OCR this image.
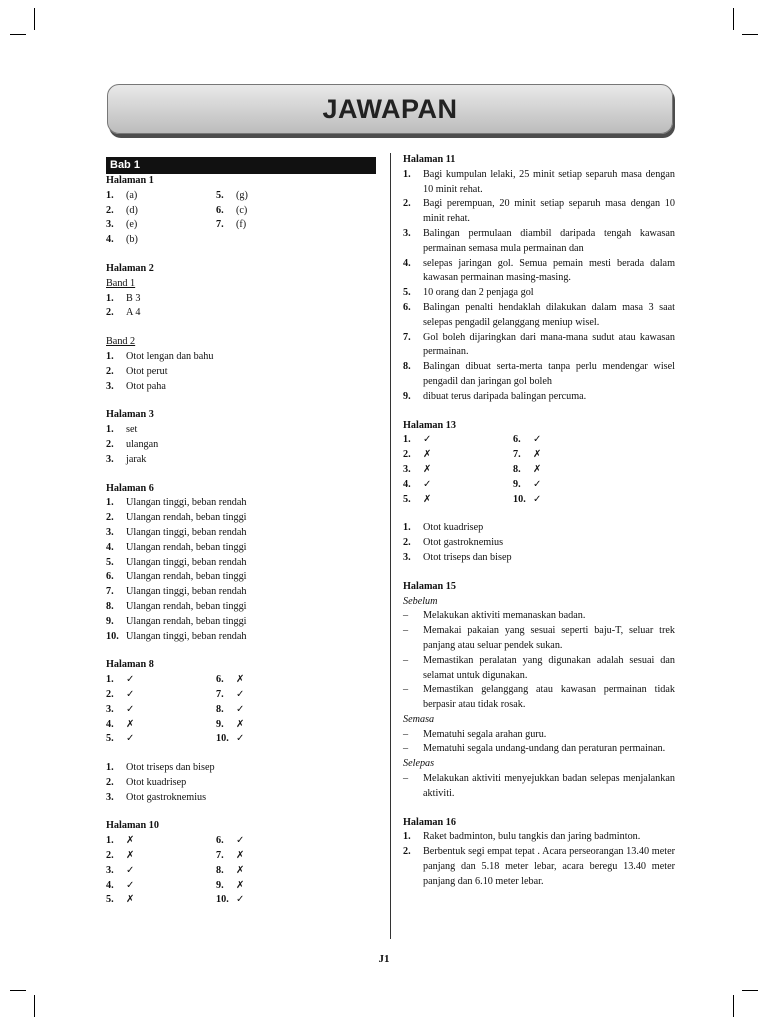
JAWAPAN
Bab 1
Halaman 1
1.	(a)	5.	(g)
2.	(d)	6.	(c)
3.	(e)	7.	(f)
4.	(b)
Halaman 2
Band 1
1.	B 3
2.	A 4
Band 2
1.	Otot lengan dan bahu
2.	Otot perut
3.	Otot paha
Halaman 3
1.	set
2.	ulangan
3.	jarak
Halaman 6
1.	Ulangan tinggi, beban rendah
2.	Ulangan rendah, beban tinggi
3.	Ulangan tinggi, beban rendah
4.	Ulangan rendah, beban tinggi
5.	Ulangan tinggi, beban rendah
6.	Ulangan rendah, beban tinggi
7.	Ulangan tinggi, beban rendah
8.	Ulangan rendah, beban tinggi
9.	Ulangan rendah, beban tinggi
10. Ulangan tinggi, beban rendah
Halaman 8
1.	✓	6.	✗
2.	✓	7.	✓
3.	✓	8.	✓
4.	✗	9.	✗
5.	✓	10. ✓
1.	Otot triseps dan bisep
2.	Otot kuadrisep
3.	Otot gastroknemius
Halaman 10
1.	✗	6.	✓
2.	✗	7.	✗
3.	✓	8.	✗
4.	✓	9.	✗
5.	✗	10. ✓
Halaman 11
1.	Bagi kumpulan lelaki, 25 minit setiap separuh masa dengan 10 minit rehat.
2.	Bagi perempuan, 20 minit setiap separuh masa dengan 10 minit rehat.
3.	Balingan permulaan diambil daripada tengah kawasan permainan semasa mula permainan dan
4.	selepas jaringan gol. Semua pemain mesti berada dalam kawasan permainan masing-masing.
5.	10 orang dan 2 penjaga gol
6.	Balingan penalti hendaklah dilakukan dalam masa 3 saat selepas pengadil gelanggang meniup wisel.
7.	Gol boleh dijaringkan dari mana-mana sudut atau kawasan permainan.
8.	Balingan dibuat serta-merta tanpa perlu mendengar wisel pengadil dan jaringan gol boleh
9.	dibuat terus daripada balingan percuma.
Halaman 13
1.	✓	6.	✓
2.	✗	7.	✗
3.	✗	8.	✗
4.	✓	9.	✓
5.	✗	10. ✓
1.	Otot kuadrisep
2.	Otot gastroknemius
3.	Otot triseps dan bisep
Halaman 15
Sebelum
–	Melakukan aktiviti memanaskan badan.
–	Memakai pakaian yang sesuai seperti baju-T, seluar trek panjang atau seluar pendek sukan.
–	Memastikan peralatan yang digunakan adalah sesuai dan selamat untuk digunakan.
–	Memastikan gelanggang atau kawasan permainan tidak berpasir atau tidak rosak.
Semasa
–	Mematuhi segala arahan guru.
–	Mematuhi segala undang-undang dan peraturan permainan.
Selepas
–	Melakukan aktiviti menyejukkan badan selepas menjalankan aktiviti.
Halaman 16
1.	Raket badminton, bulu tangkis dan jaring badminton.
2.	Berbentuk segi empat tepat . Acara perseorangan 13.40 meter panjang dan 5.18 meter lebar, acara beregu 13.40 meter panjang dan 6.10 meter lebar.
J1
